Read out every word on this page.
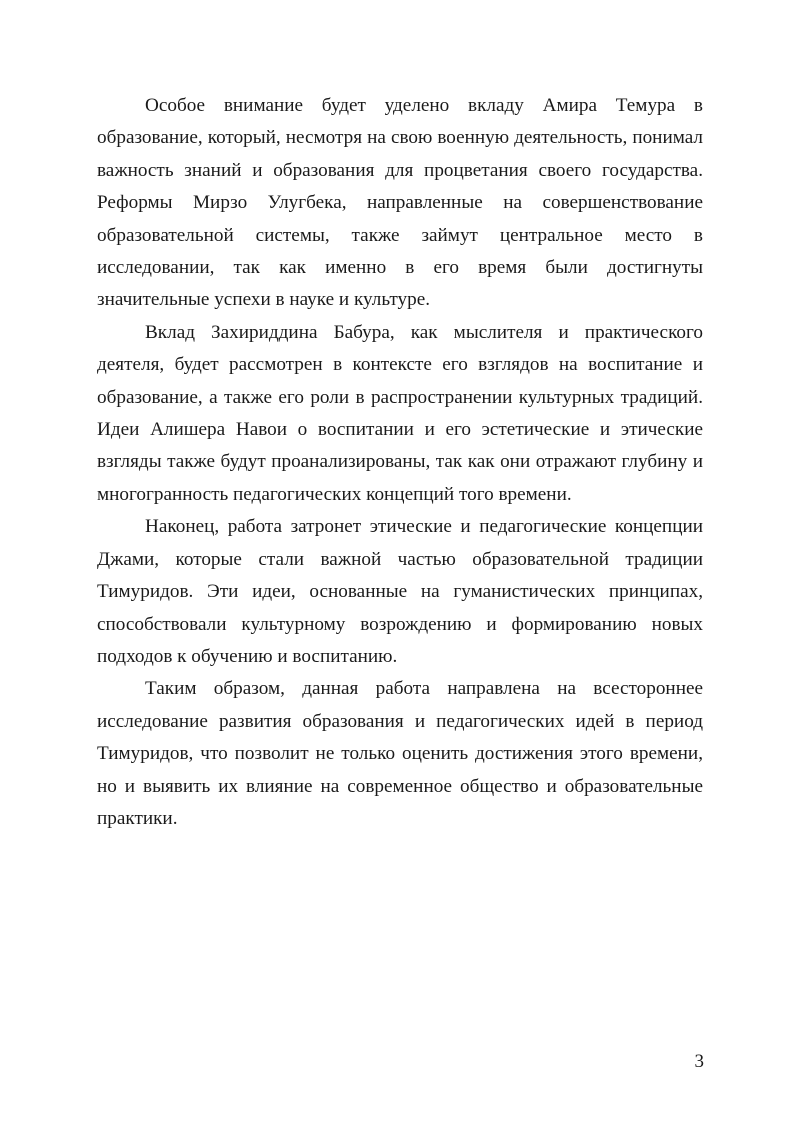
Особое внимание будет уделено вкладу Амира Темура в образование, который, несмотря на свою военную деятельность, понимал важность знаний и образования для процветания своего государства. Реформы Мирзо Улугбека, направленные на совершенствование образовательной системы, также займут центральное место в исследовании, так как именно в его время были достигнуты значительные успехи в науке и культуре.

Вклад Захириддина Бабура, как мыслителя и практического деятеля, будет рассмотрен в контексте его взглядов на воспитание и образование, а также его роли в распространении культурных традиций. Идеи Алишера Навои о воспитании и его эстетические и этические взгляды также будут проанализированы, так как они отражают глубину и многогранность педагогических концепций того времени.

Наконец, работа затронет этические и педагогические концепции Джами, которые стали важной частью образовательной традиции Тимуридов. Эти идеи, основанные на гуманистических принципах, способствовали культурному возрождению и формированию новых подходов к обучению и воспитанию.

Таким образом, данная работа направлена на всестороннее исследование развития образования и педагогических идей в период Тимуридов, что позволит не только оценить достижения этого времени, но и выявить их влияние на современное общество и образовательные практики.

3
